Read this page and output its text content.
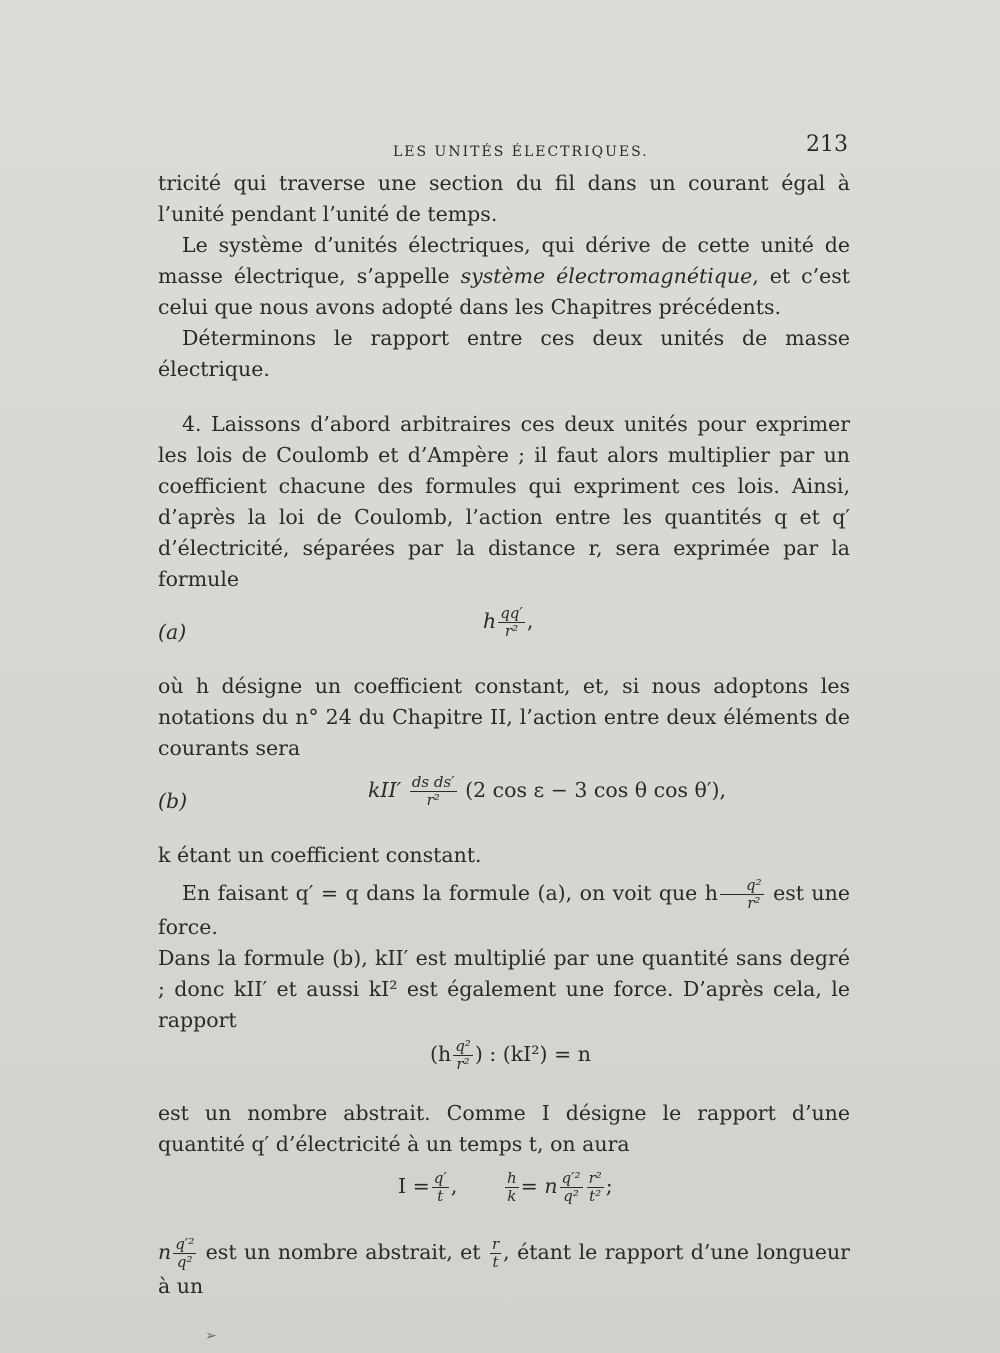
LES UNITÉS ÉLECTRIQUES.	213

tricité qui traverse une section du fil dans un courant égal à l’unité pendant l’unité de temps.

Le système d’unités électriques, qui dérive de cette unité de masse électrique, s’appelle système électromagnétique, et c’est celui que nous avons adopté dans les Chapitres précédents.

Déterminons le rapport entre ces deux unités de masse électrique.

4. Laissons d’abord arbitraires ces deux unités pour exprimer les lois de Coulomb et d’Ampère ; il faut alors multiplier par un coefficient chacune des formules qui expriment ces lois. Ainsi, d’après la loi de Coulomb, l’action entre les quantités q et q′ d’électricité, séparées par la distance r, sera exprimée par la formule

(a)	h $\frac{qq'}{\text{r²}}$ ,

où h désigne un coefficient constant, et, si nous adoptons les notations du n° 24 du Chapitre II, l’action entre deux éléments de courants sera

(b)	$kII' \frac{\text{ds ds′}}{\text{r²}} (2$ cos ε − 3 cos θ cos θ′),

k étant un coefficient constant.

En faisant q′ = q dans la formule (a), on voit que h $\frac{\text{q²}}{\text{r²}}$ est une force.

Dans la formule (b), kII′ est multiplié par une quantité sans degré ; donc kII′ et aussi kI² est également une force. D’après cela, le rapport

($h \frac{\text{q²}}{\text{r²}}$ ) : (kI²) = n

est un nombre abstrait. Comme I désigne le rapport d’une quantité q′ d’électricité à un temps t, on aura

$I = \frac{q'}{t}$ ,	$\frac{h}{k} = n \frac{\text{q′²}}{\text{q²}} \frac{\text{r²}}{\text{t²}}$ ;

n $\frac{\text{q′²}}{\text{q²}}$ est un nombre abstrait, et $\frac{r}{t}$ , étant le rapport d’une longueur à un

➢
